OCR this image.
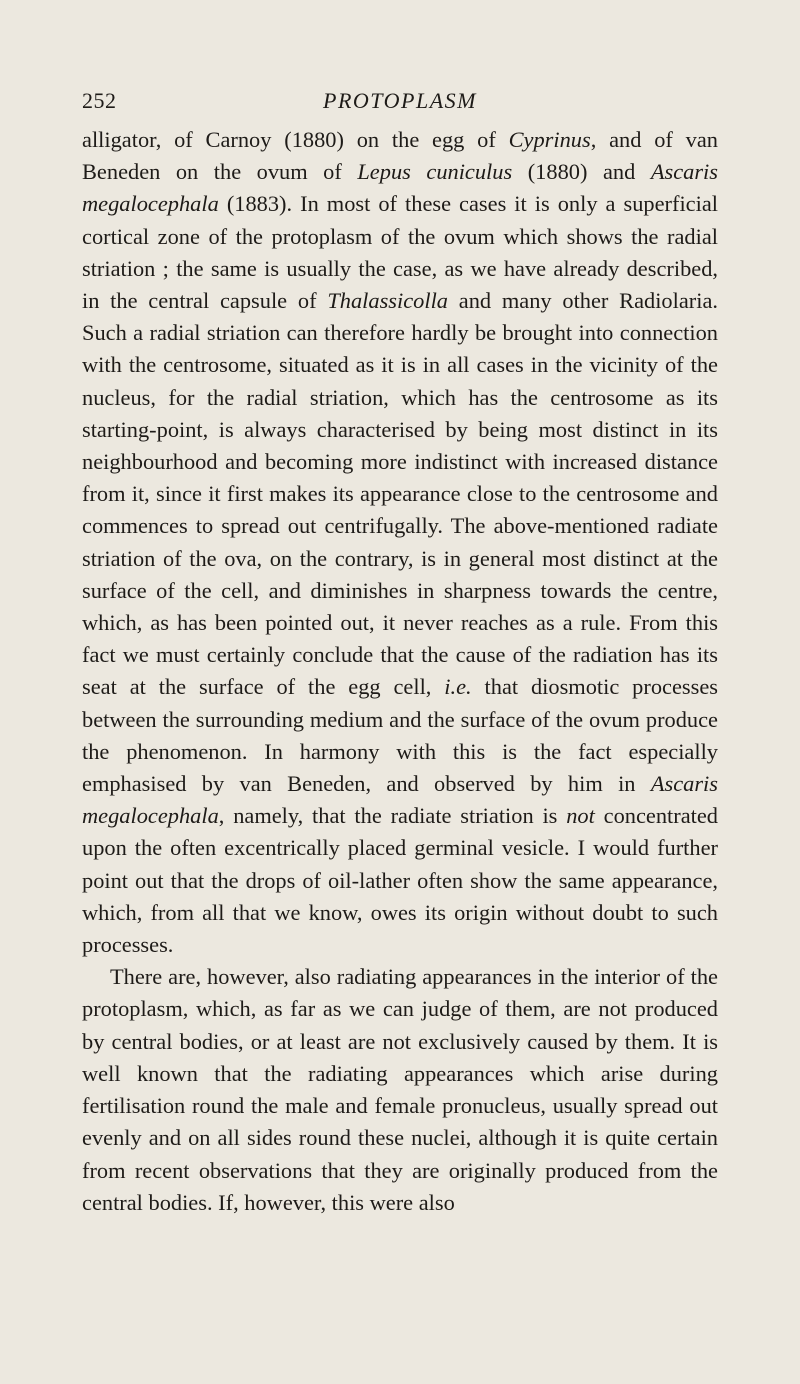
252	PROTOPLASM

alligator, of Carnoy (1880) on the egg of Cyprinus, and of van Beneden on the ovum of Lepus cuniculus (1880) and Ascaris megalocephala (1883). In most of these cases it is only a superficial cortical zone of the protoplasm of the ovum which shows the radial striation ; the same is usually the case, as we have already described, in the central capsule of Thalassicolla and many other Radiolaria. Such a radial striation can therefore hardly be brought into connection with the centrosome, situated as it is in all cases in the vicinity of the nucleus, for the radial striation, which has the centrosome as its starting-point, is always characterised by being most distinct in its neighbourhood and becoming more indistinct with increased distance from it, since it first makes its appearance close to the centrosome and commences to spread out centrifugally. The above-mentioned radiate striation of the ova, on the contrary, is in general most distinct at the surface of the cell, and diminishes in sharpness towards the centre, which, as has been pointed out, it never reaches as a rule. From this fact we must certainly conclude that the cause of the radiation has its seat at the surface of the egg cell, i.e. that diosmotic processes between the surrounding medium and the surface of the ovum produce the phenomenon. In harmony with this is the fact especially emphasised by van Beneden, and observed by him in Ascaris megalocephala, namely, that the radiate striation is not concentrated upon the often excentrically placed germinal vesicle. I would further point out that the drops of oil-lather often show the same appearance, which, from all that we know, owes its origin without doubt to such processes.

There are, however, also radiating appearances in the interior of the protoplasm, which, as far as we can judge of them, are not produced by central bodies, or at least are not exclusively caused by them. It is well known that the radiating appearances which arise during fertilisation round the male and female pronucleus, usually spread out evenly and on all sides round these nuclei, although it is quite certain from recent observations that they are originally produced from the central bodies. If, however, this were also
